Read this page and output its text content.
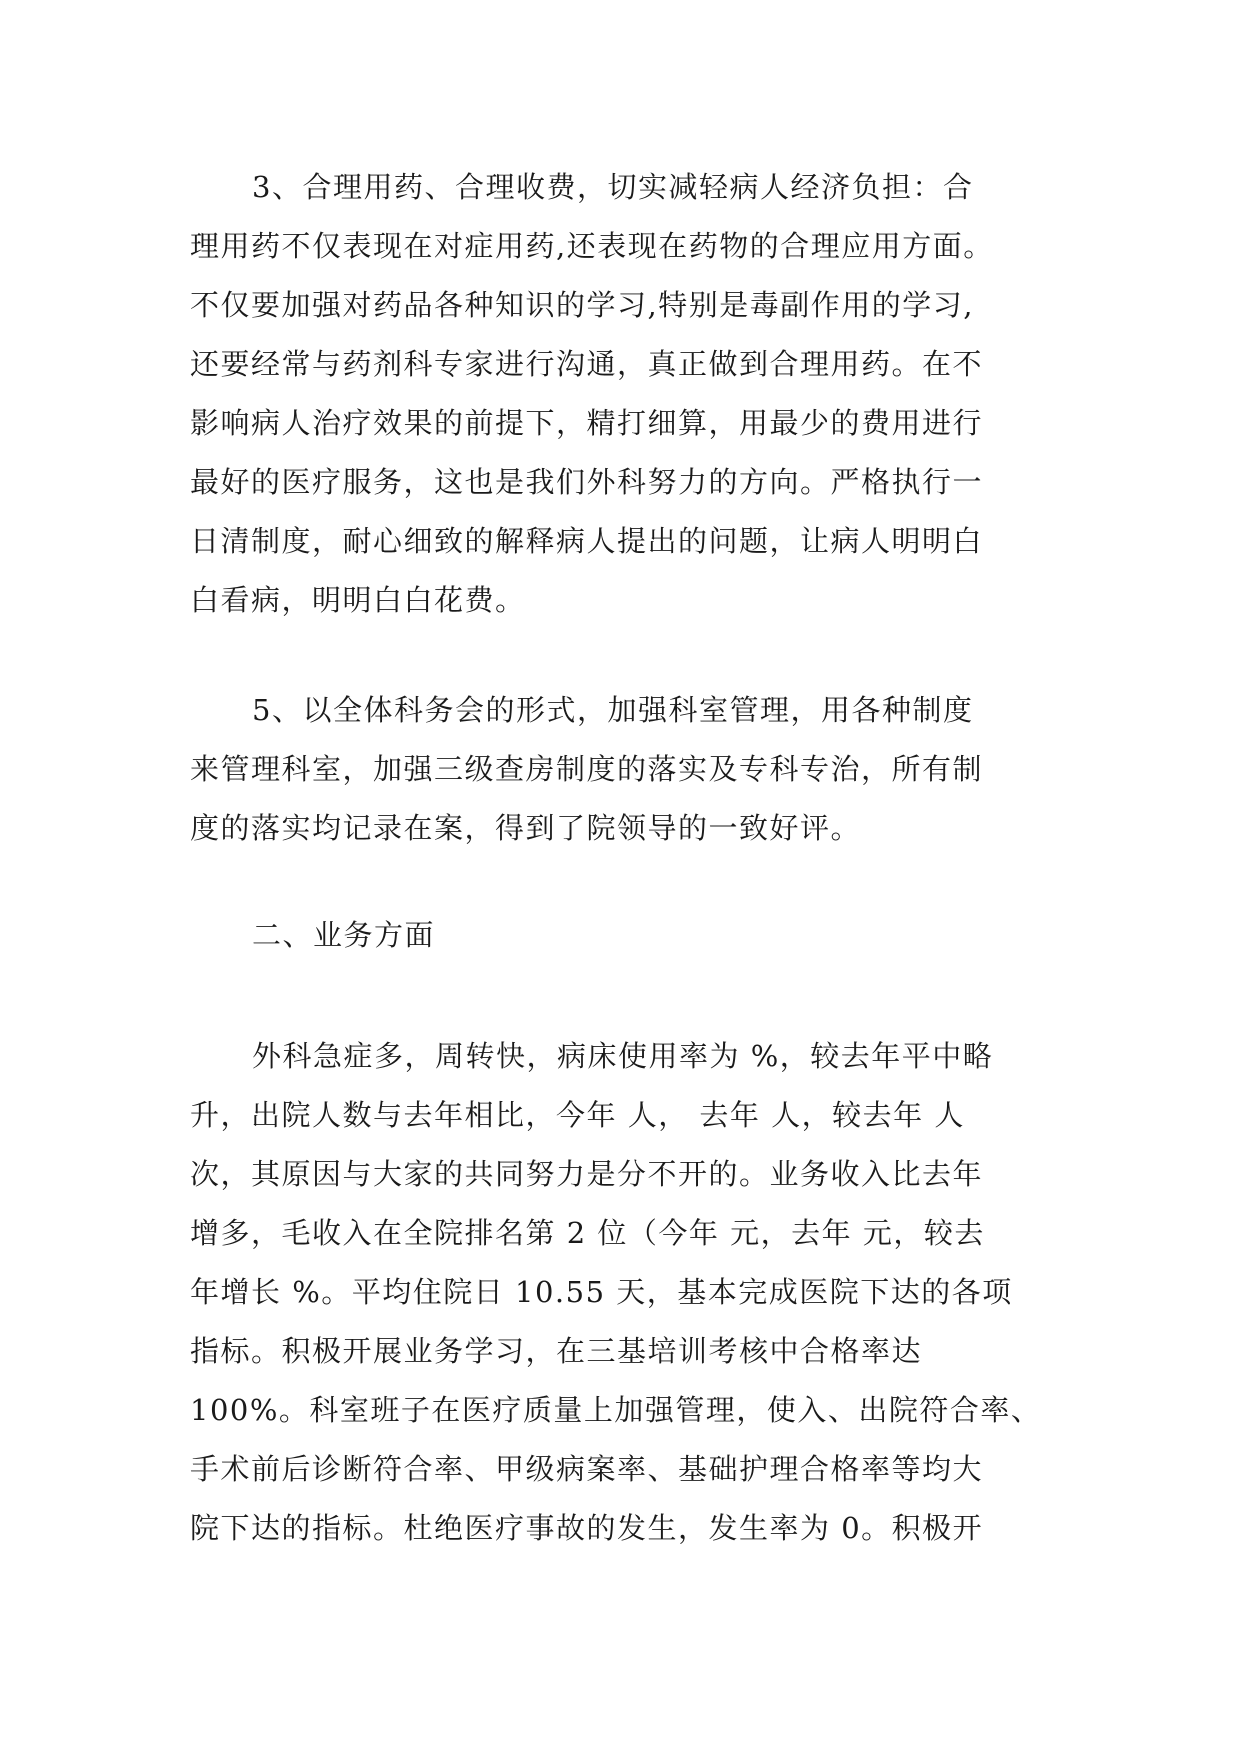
3、合理用药、合理收费，切实减轻病人经济负担：合
理用药不仅表现在对症用药,还表现在药物的合理应用方面。
不仅要加强对药品各种知识的学习,特别是毒副作用的学习,
还要经常与药剂科专家进行沟通，真正做到合理用药。在不
影响病人治疗效果的前提下，精打细算，用最少的费用进行
最好的医疗服务，这也是我们外科努力的方向。严格执行一
日清制度，耐心细致的解释病人提出的问题，让病人明明白
白看病，明明白白花费。
5、以全体科务会的形式，加强科室管理，用各种制度
来管理科室，加强三级查房制度的落实及专科专治，所有制
度的落实均记录在案，得到了院领导的一致好评。
二、业务方面
外科急症多，周转快，病床使用率为 %，较去年平中略
升，出院人数与去年相比，今年 人， 去年 人，较去年 人
次，其原因与大家的共同努力是分不开的。业务收入比去年
增多，毛收入在全院排名第 2 位（今年 元，去年 元，较去
年增长 %。平均住院日 10.55 天，基本完成医院下达的各项
指标。积极开展业务学习，在三基培训考核中合格率达
100%。科室班子在医疗质量上加强管理，使入、出院符合率、
手术前后诊断符合率、甲级病案率、基础护理合格率等均大
院下达的指标。杜绝医疗事故的发生，发生率为 0。积极开
